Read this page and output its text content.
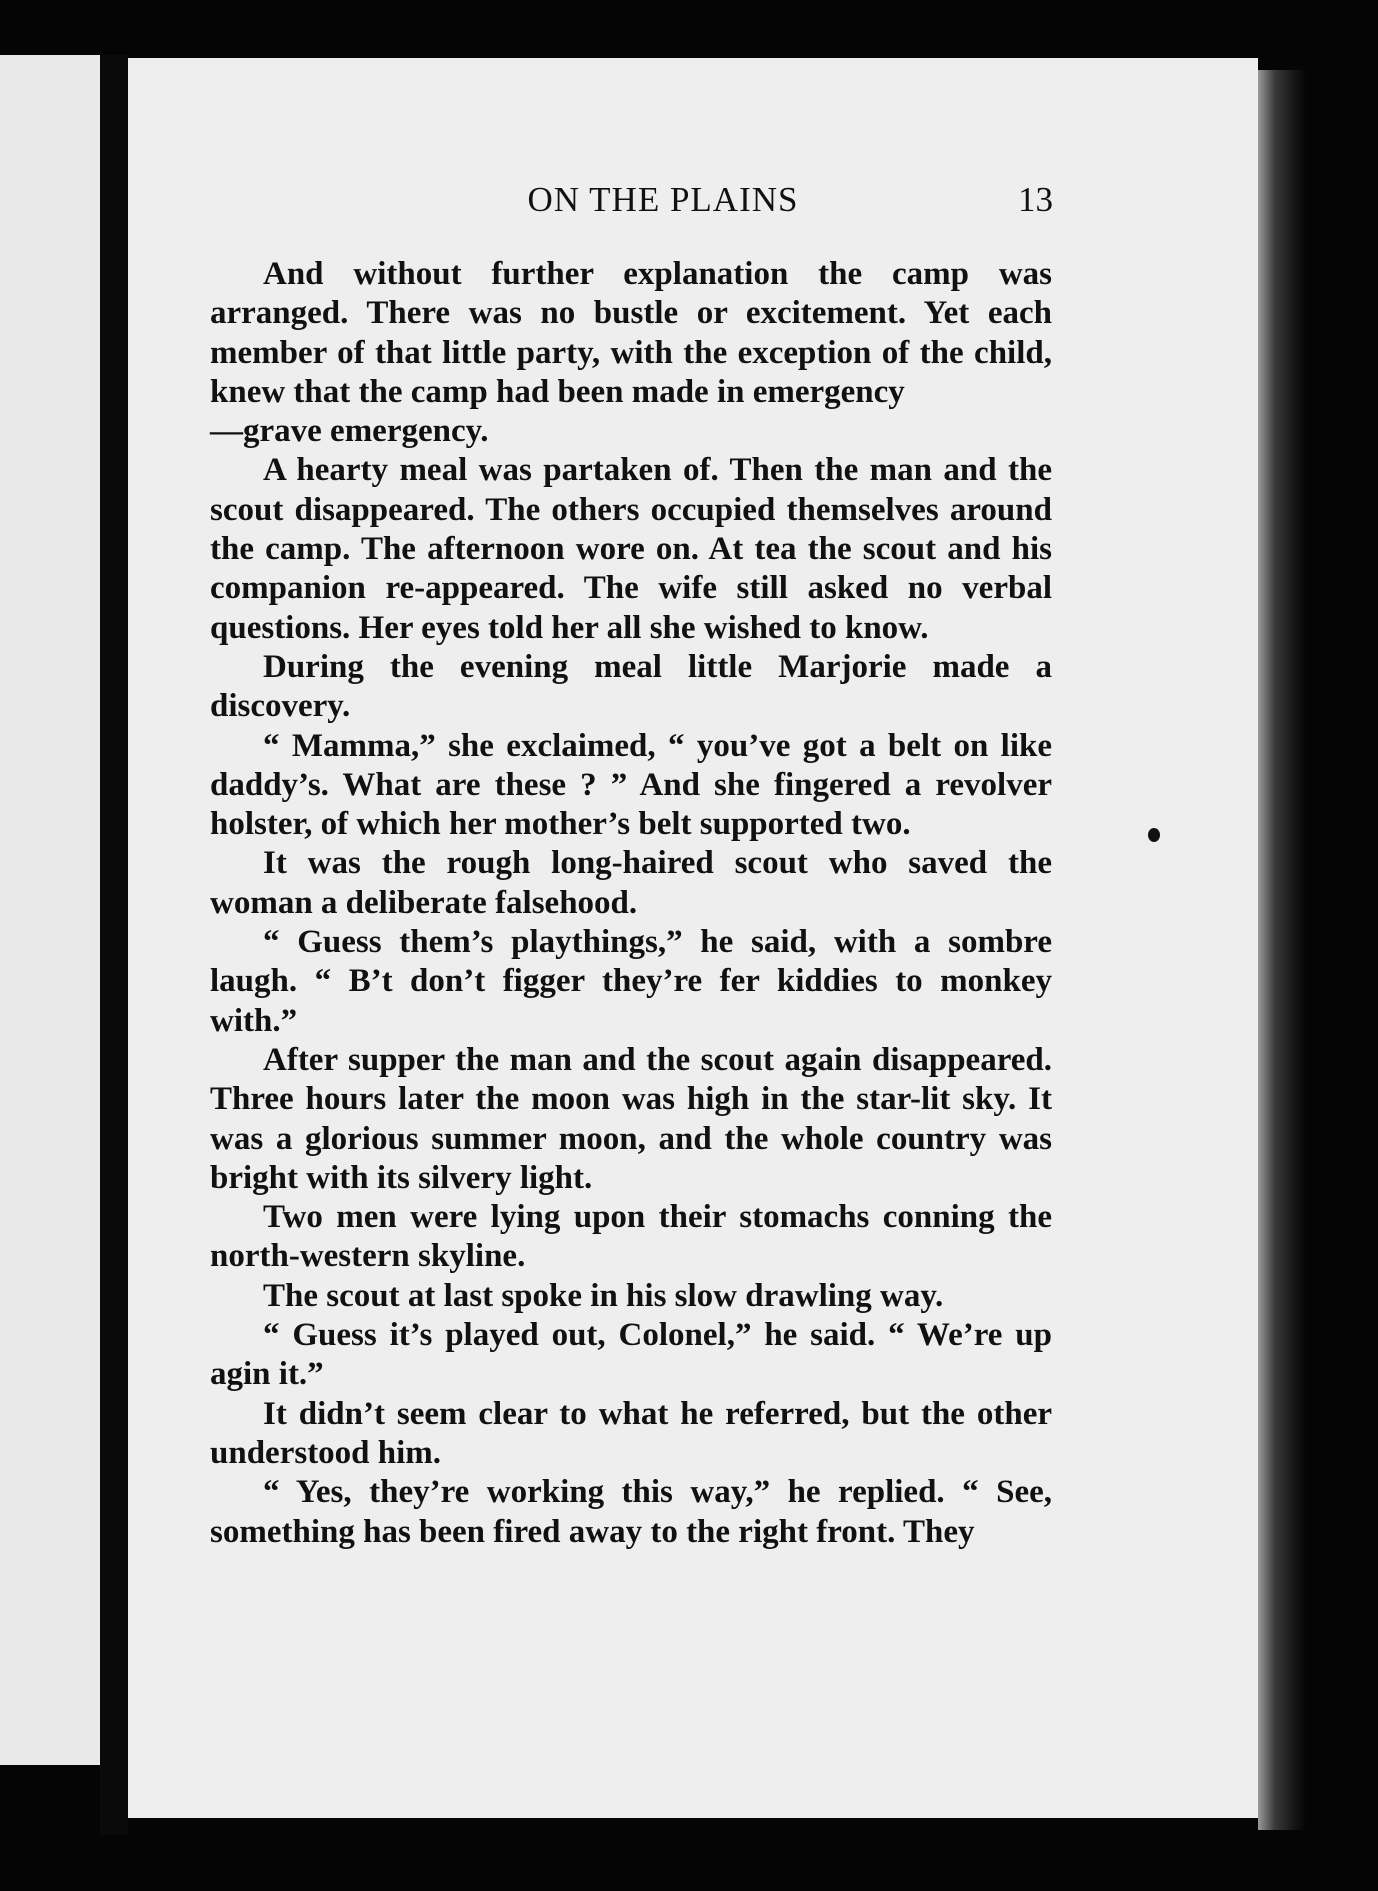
ON THE PLAINS	13

And without further explanation the camp was arranged. There was no bustle or excitement. Yet each member of that little party, with the exception of the child, knew that the camp had been made in emergency

—grave emergency.

A hearty meal was partaken of. Then the man and the scout disappeared. The others occupied themselves around the camp. The afternoon wore on. At tea the scout and his companion re-appeared. The wife still asked no verbal questions. Her eyes told her all she wished to know.

During the evening meal little Marjorie made a discovery.

“ Mamma,” she exclaimed, “ you’ve got a belt on like daddy’s. What are these ? ” And she fingered a revolver holster, of which her mother’s belt supported two.

It was the rough long-haired scout who saved the woman a deliberate falsehood.

“ Guess them’s playthings,” he said, with a sombre laugh. “ B’t don’t figger they’re fer kiddies to monkey with.”

After supper the man and the scout again disappeared. Three hours later the moon was high in the star-lit sky. It was a glorious summer moon, and the whole country was bright with its silvery light.

Two men were lying upon their stomachs conning the north-western skyline.

The scout at last spoke in his slow drawling way.

“ Guess it’s played out, Colonel,” he said. “ We’re up agin it.”

It didn’t seem clear to what he referred, but the other understood him.

“ Yes, they’re working this way,” he replied. “ See, something has been fired away to the right front. They
